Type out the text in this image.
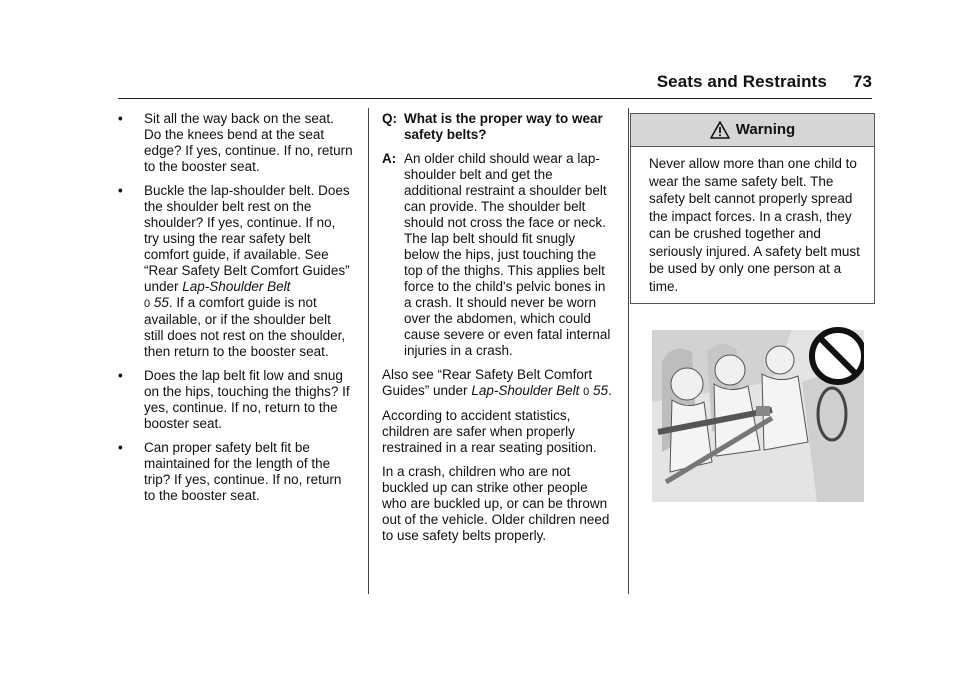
Seats and Restraints 73
•	Sit all the way back on the seat. Do the knees bend at the seat edge? If yes, continue. If no, return to the booster seat.
•	Buckle the lap-shoulder belt. Does the shoulder belt rest on the shoulder? If yes, continue. If no, try using the rear safety belt comfort guide, if available. See “Rear Safety Belt Comfort Guides” under Lap-Shoulder Belt
0 55. If a comfort guide is not available, or if the shoulder belt still does not rest on the shoulder, then return to the booster seat.
•	Does the lap belt fit low and snug on the hips, touching the thighs? If yes, continue. If no, return to the booster seat.
•	Can proper safety belt fit be maintained for the length of the trip? If yes, continue. If no, return to the booster seat.
Q: What is the proper way to wear safety belts?
A: An older child should wear a lap-shoulder belt and get the additional restraint a shoulder belt can provide. The shoulder belt should not cross the face or neck. The lap belt should fit snugly below the hips, just touching the top of the thighs. This applies belt force to the child's pelvic bones in a crash. It should never be worn over the abdomen, which could cause severe or even fatal internal injuries in a crash.

Also see “Rear Safety Belt Comfort Guides” under Lap-Shoulder Belt 0 55.

According to accident statistics, children are safer when properly restrained in a rear seating position.

In a crash, children who are not buckled up can strike other people who are buckled up, or can be thrown out of the vehicle. Older children need to use safety belts properly.

Warning
Never allow more than one child to wear the same safety belt. The safety belt cannot properly spread the impact forces. In a crash, they can be crushed together and seriously injured. A safety belt must be used by only one person at a time.
